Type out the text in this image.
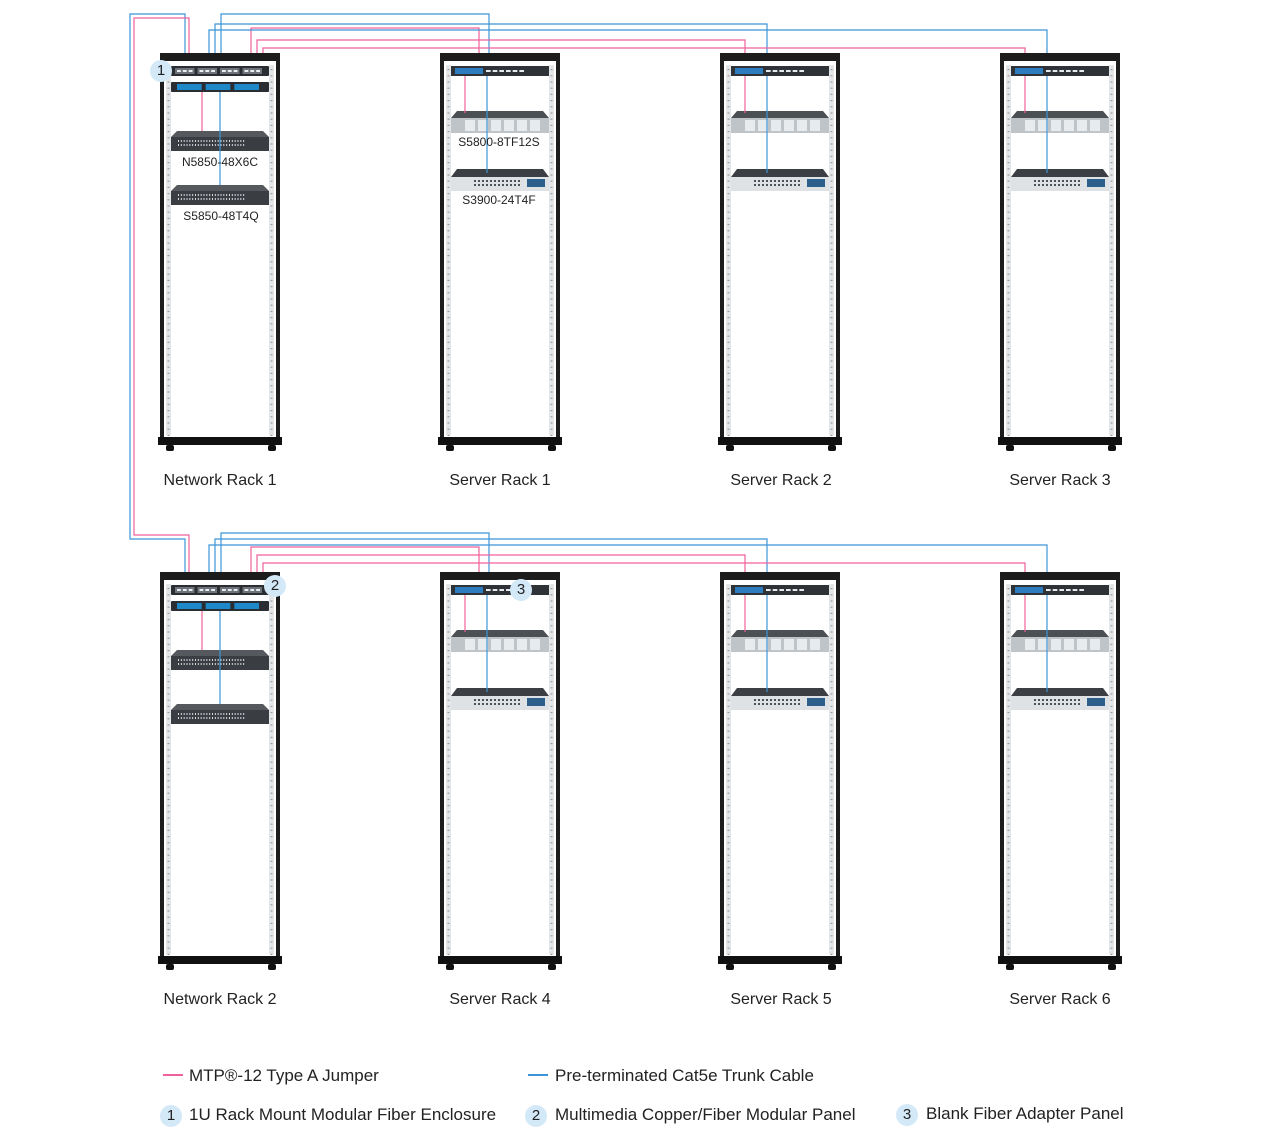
Network Rack 1	Server Rack 1	Server Rack 2	Server Rack 3
Network Rack 2	Server Rack 4	Server Rack 5	Server Rack 6
N5850-48X6C
S5850-48T4Q
S5800-8TF12S
S3900-24T4F
1
2	3
MTP®-12 Type A Jumper	Pre-terminated Cat5e Trunk Cable
1 1U Rack Mount Modular Fiber Enclosure	2 Multimedia Copper/Fiber Modular Panel	3 Blank Fiber Adapter Panel
